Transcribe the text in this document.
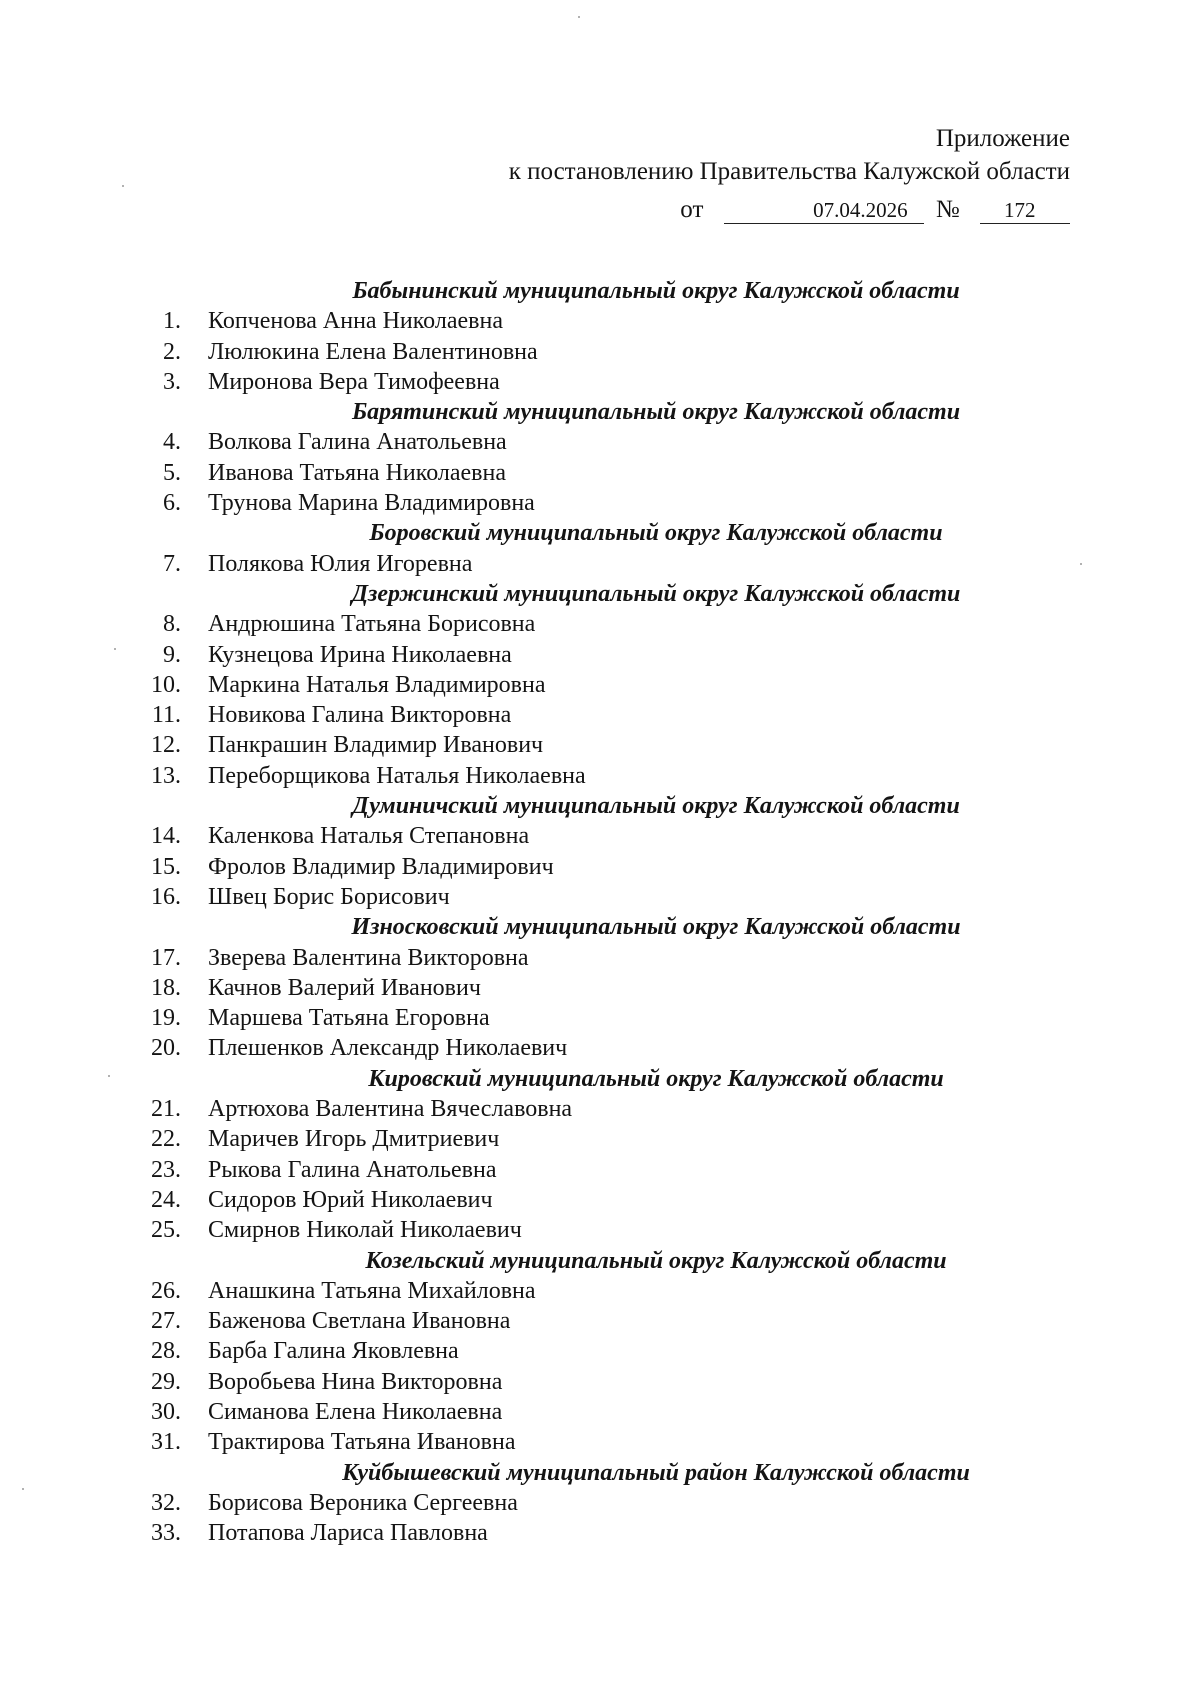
Приложение
к постановлению Правительства Калужской области
от	07.04.2026 № 172
Бабынинский муниципальный округ Калужской области
1. Копченова Анна Николаевна
2. Люлюкина Елена Валентиновна
3. Миронова Вера Тимофеевна
Барятинский муниципальный округ Калужской области
4. Волкова Галина Анатольевна
5. Иванова Татьяна Николаевна
6. Трунова Марина Владимировна
Боровский муниципальный округ Калужской области
7. Полякова Юлия Игоревна
Дзержинский муниципальный округ Калужской области
8. Андрюшина Татьяна Борисовна
9. Кузнецова Ирина Николаевна
10. Маркина Наталья Владимировна
11. Новикова Галина Викторовна
12. Панкрашин Владимир Иванович
13. Переборщикова Наталья Николаевна
Думиничский муниципальный округ Калужской области
14. Каленкова Наталья Степановна
15. Фролов Владимир Владимирович
16. Швец Борис Борисович
Износковский муниципальный округ Калужской области
17. Зверева Валентина Викторовна
18. Качнов Валерий Иванович
19. Маршева Татьяна Егоровна
20. Плешенков Александр Николаевич
Кировский муниципальный округ Калужской области
21. Артюхова Валентина Вячеславовна
22. Маричев Игорь Дмитриевич
23. Рыкова Галина Анатольевна
24. Сидоров Юрий Николаевич
25. Смирнов Николай Николаевич
Козельский муниципальный округ Калужской области
26. Анашкина Татьяна Михайловна
27. Баженова Светлана Ивановна
28. Барба Галина Яковлевна
29. Воробьева Нина Викторовна
30. Симанова Елена Николаевна
31. Трактирова Татьяна Ивановна
Куйбышевский муниципальный район Калужской области
32. Борисова Вероника Сергеевна
33. Потапова Лариса Павловна
